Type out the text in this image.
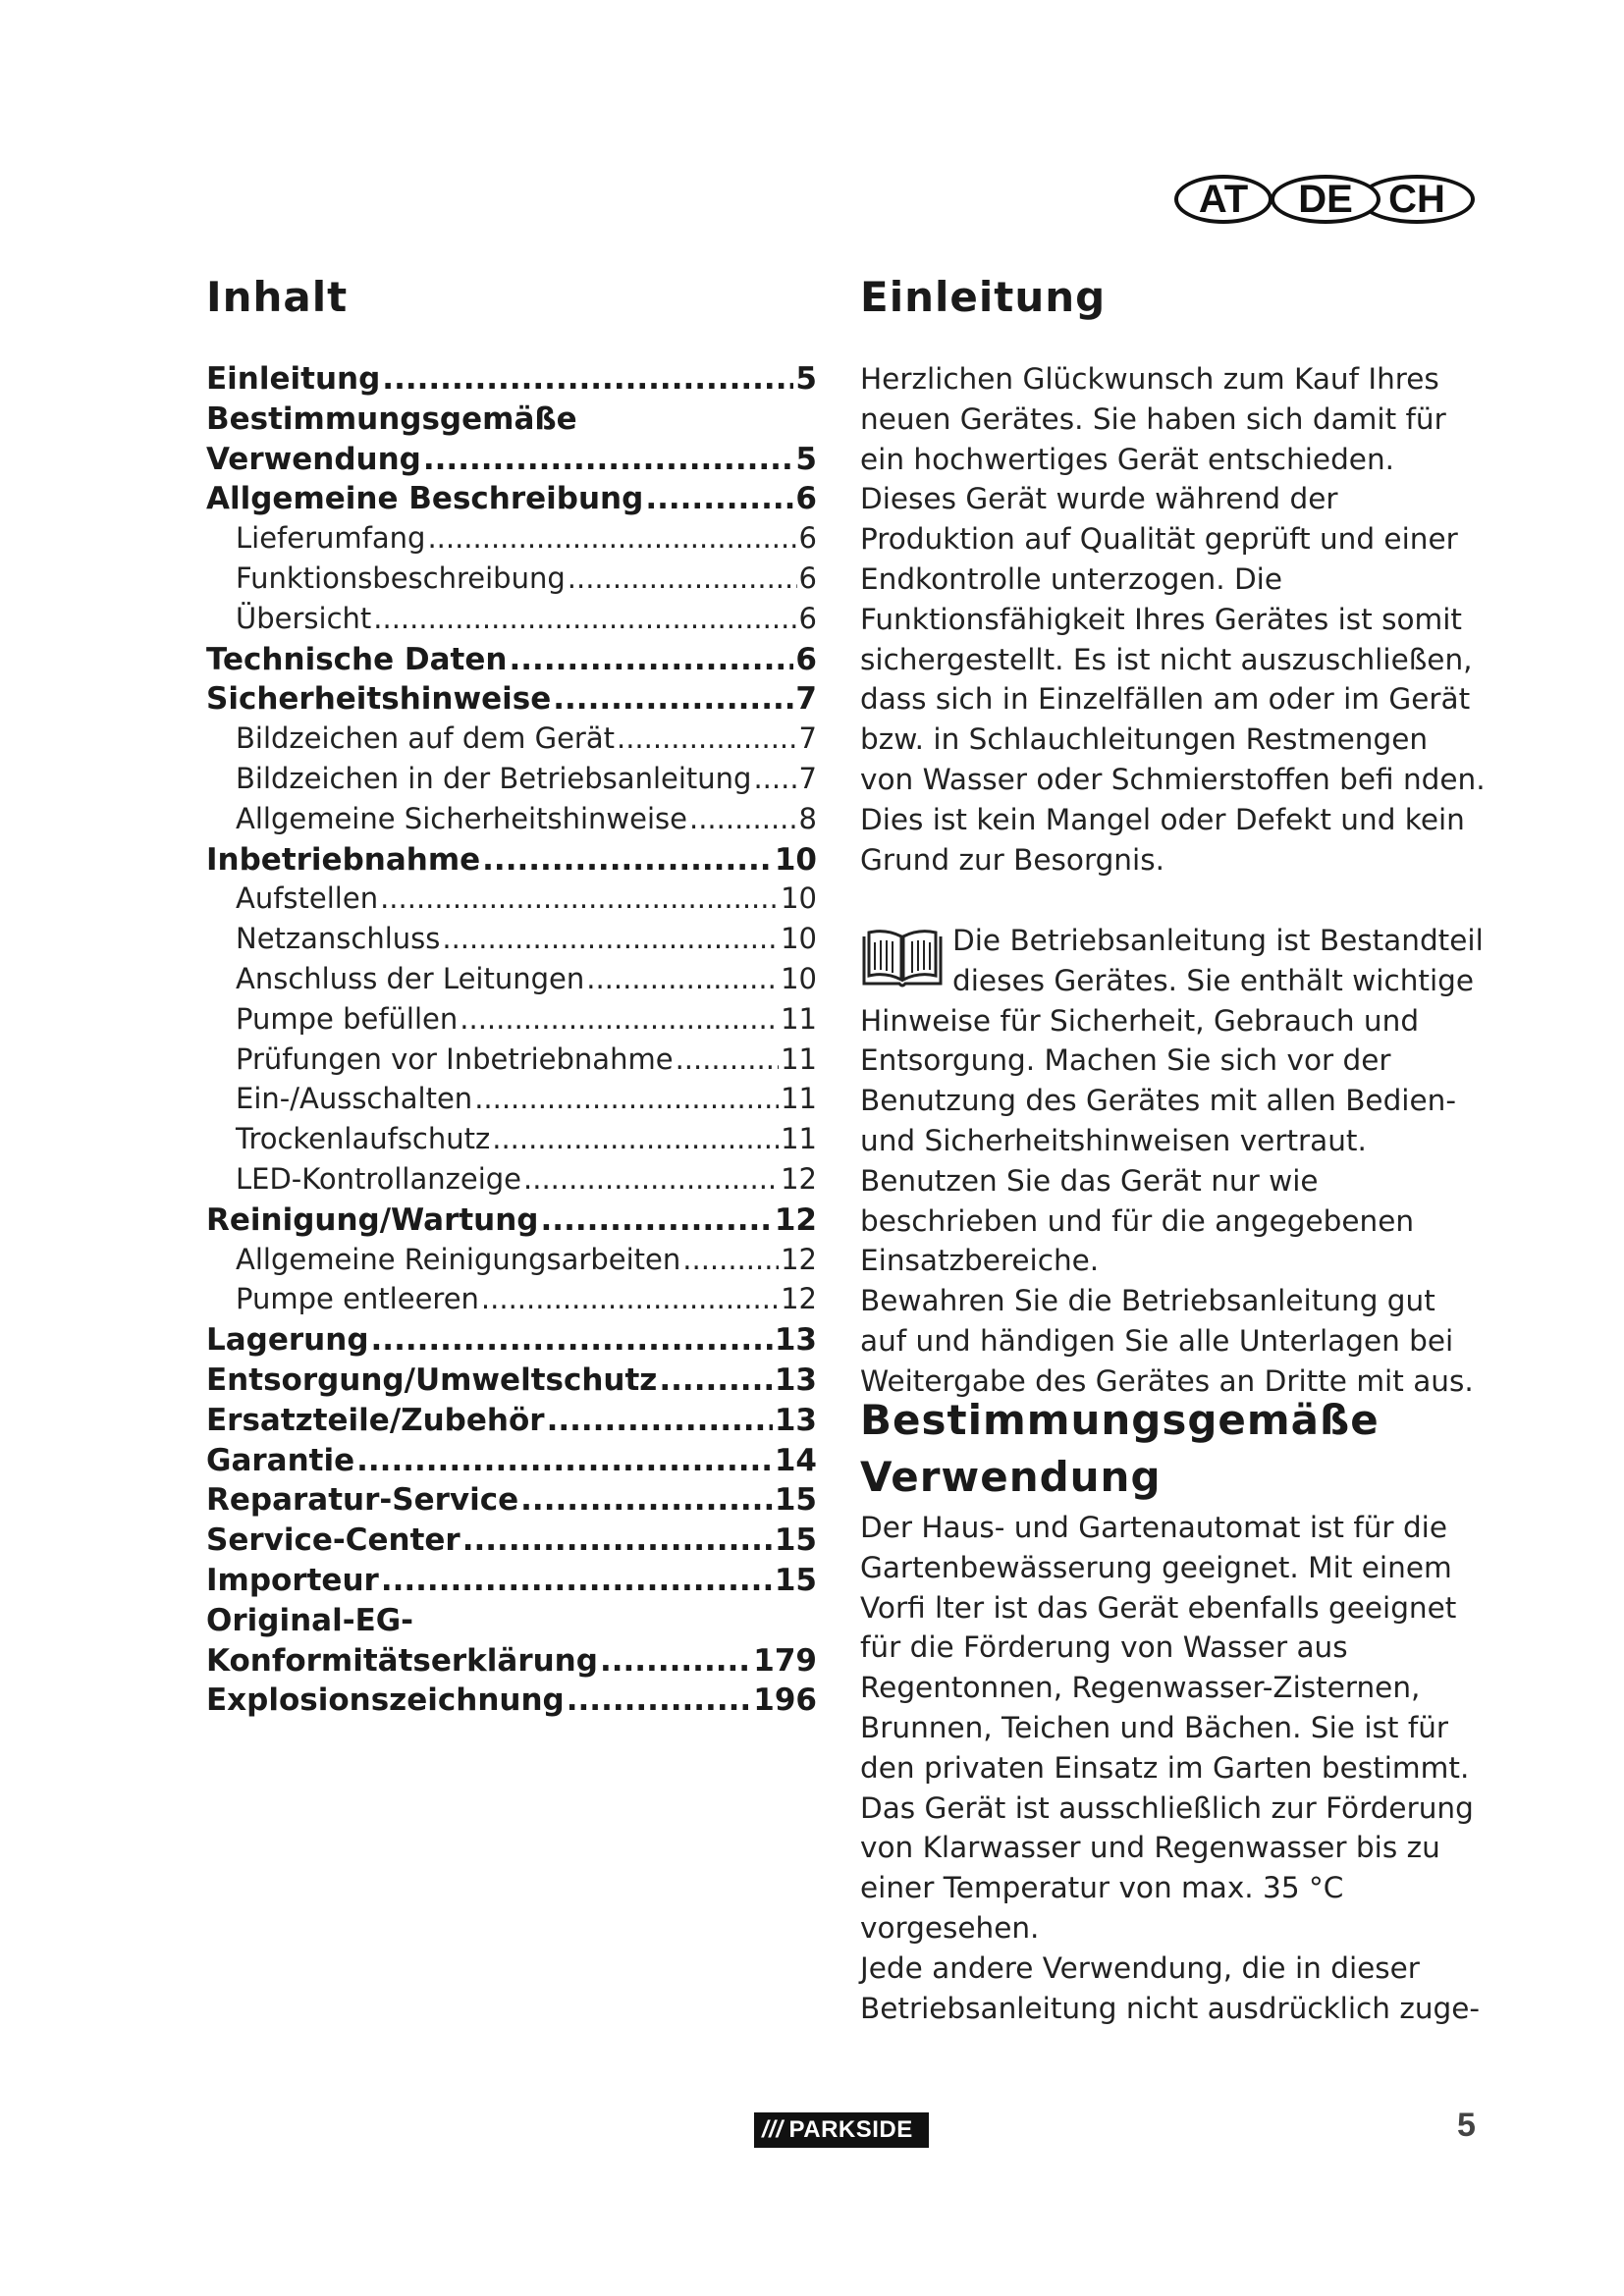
AT	CH
DE
Inhalt
Einleitung .....	5
Bestimmungsgemäße
Verwendung .....	5
Allgemeine Beschreibung .....	6
Lieferumfang .....	6
Funktionsbeschreibung .....	6
Übersicht .....	6
Technische Daten .....	6
Sicherheitshinweise .....	7
Bildzeichen auf dem Gerät .....	7
Bildzeichen in der Betriebsanleitung ..... 7
Allgemeine Sicherheitshinweise .....	8
Inbetriebnahme .....	10
Aufstellen .....	10
Netzanschluss .....	10
Anschluss der Leitungen .....	10
Pumpe befüllen .....	11
Prüfungen vor Inbetriebnahme .....	11
Ein-/Ausschalten .....	11
Trockenlaufschutz .....	11
LED-Kontrollanzeige .....	12
Reinigung/Wartung .....	12
Allgemeine Reinigungsarbeiten .....	12
Pumpe entleeren .....	12
Lagerung .....	13
Entsorgung/Umweltschutz .....	13
Ersatzteile/Zubehör .....	13
Garantie .....	14
Reparatur-Service .....	15
Service-Center .....	15
Importeur .....	15
Original-EG-
Konformitätserklärung .....	179
Explosionszeichnung .....	196
Einleitung

Herzlichen Glückwunsch zum Kauf Ihres neuen Gerätes. Sie haben sich damit für ein hochwertiges Gerät entschieden. Dieses Gerät wurde während der Produktion auf Qualität geprüft und einer Endkontrolle unterzogen. Die Funktionsfähigkeit Ihres Gerätes ist somit sichergestellt. Es ist nicht auszuschließen, dass sich in Einzelfällen am oder im Gerät bzw. in Schlauchleitungen Restmengen von Wasser oder Schmierstoffen befi nden. Dies ist kein Mangel oder Defekt und kein Grund zur Besorgnis.

Die Betriebsanleitung ist Bestandteil dieses Gerätes. Sie enthält wichtige Hinweise für Sicherheit, Gebrauch und Entsorgung. Machen Sie sich vor der Benutzung des Gerätes mit allen Bedien- und Sicherheitshinweisen vertraut. Benutzen Sie das Gerät nur wie beschrieben und für die angegebenen Einsatzbereiche.

Bewahren Sie die Betriebsanleitung gut auf und händigen Sie alle Unterlagen bei Weitergabe des Gerätes an Dritte mit aus.

Bestimmungsgemäße
Verwendung

Der Haus- und Gartenautomat ist für die Gartenbewässerung geeignet. Mit einem Vorfi lter ist das Gerät ebenfalls geeignet für die Förderung von Wasser aus Regentonnen, Regenwasser-Zisternen, Brunnen, Teichen und Bächen. Sie ist für den privaten Einsatz im Garten bestimmt.

Das Gerät ist ausschließlich zur Förderung von Klarwasser und Regenwasser bis zu einer Temperatur von max. 35 °C vorgesehen.

Jede andere Verwendung, die in dieser Betriebsanleitung nicht ausdrücklich zuge-

/// PARKSIDE	5
